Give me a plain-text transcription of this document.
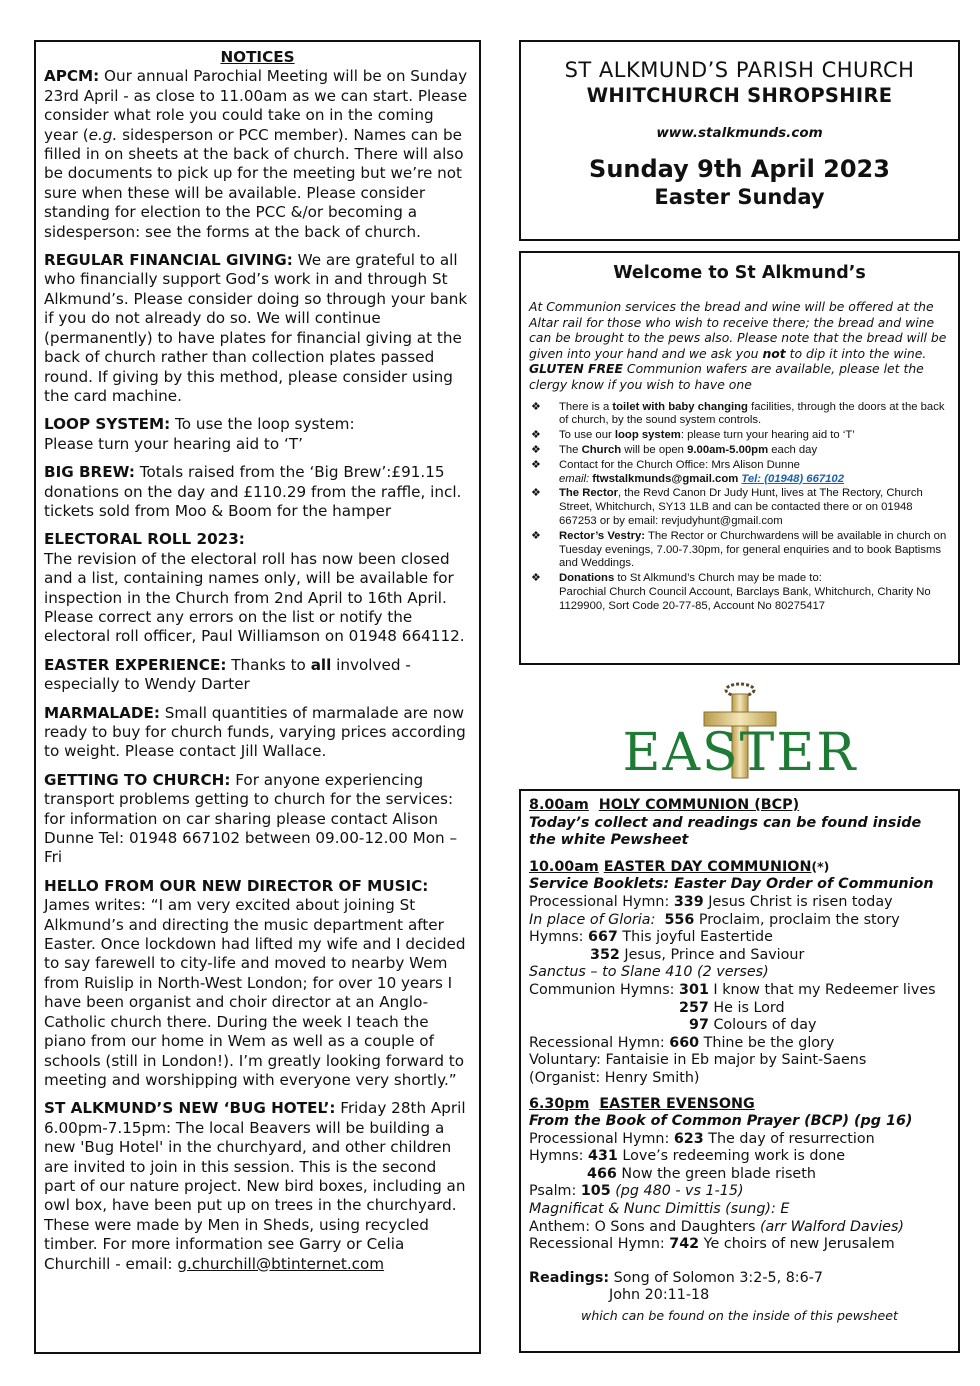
NOTICES

APCM: Our annual Parochial Meeting will be on Sunday 23rd April - as close to 11.00am as we can start. Please consider what role you could take on in the coming year (e.g. sidesperson or PCC member). Names can be filled in on sheets at the back of church. There will also be documents to pick up for the meeting but we’re not sure when these will be available. Please consider standing for election to the PCC &/or becoming a sidesperson: see the forms at the back of church.

REGULAR FINANCIAL GIVING: We are grateful to all who financially support God’s work in and through St Alkmund’s. Please consider doing so through your bank if you do not already do so. We will continue (permanently) to have plates for financial giving at the back of church rather than collection plates passed round. If giving by this method, please consider using the card machine.

LOOP SYSTEM: To use the loop system:
Please turn your hearing aid to ‘T’

BIG BREW: Totals raised from the ‘Big Brew’:£91.15 donations on the day and £110.29 from the raffle, incl. tickets sold from Moo & Boom for the hamper

ELECTORAL ROLL 2023:
The revision of the electoral roll has now been closed and a list, containing names only, will be available for inspection in the Church from 2nd April to 16th April. Please correct any errors on the list or notify the electoral roll officer, Paul Williamson on 01948 664112.

EASTER EXPERIENCE: Thanks to all involved - especially to Wendy Darter

MARMALADE: Small quantities of marmalade are now ready to buy for church funds, varying prices according to weight. Please contact Jill Wallace.

GETTING TO CHURCH: For anyone experiencing transport problems getting to church for the services: for information on car sharing please contact Alison Dunne Tel: 01948 667102 between 09.00-12.00 Mon –Fri

HELLO FROM OUR NEW DIRECTOR OF MUSIC:
James writes: “I am very excited about joining St Alkmund’s and directing the music department after Easter. Once lockdown had lifted my wife and I decided to say farewell to city-life and moved to nearby Wem from Ruislip in North-West London; for over 10 years I have been organist and choir director at an Anglo-Catholic church there. During the week I teach the piano from our home in Wem as well as a couple of schools (still in London!). I’m greatly looking forward to meeting and worshipping with everyone very shortly.”

ST ALKMUND’S NEW ‘BUG HOTEL’: Friday 28th April 6.00pm-7.15pm: The local Beavers will be building a new 'Bug Hotel' in the churchyard, and other children are invited to join in this session. This is the second part of our nature project. New bird boxes, including an owl box, have been put up on trees in the churchyard. These were made by Men in Sheds, using recycled timber. For more information see Garry or Celia Churchill - email: g.churchill@btinternet.com

ST ALKMUND’S PARISH CHURCH
WHITCHURCH SHROPSHIRE
www.stalkmunds.com
Sunday 9th April 2023
Easter Sunday
Welcome to St Alkmund’s

At Communion services the bread and wine will be offered at the Altar rail for those who wish to receive there; the bread and wine can be brought to the pews also. Please note that the bread will be given into your hand and we ask you not to dip it into the wine. GLUTEN FREE Communion wafers are available, please let the clergy know if you wish to have one

❖ There is a toilet with baby changing facilities, through the doors at the back of church, by the sound system controls.
❖ To use our loop system: please turn your hearing aid to ‘T’
❖ The Church will be open 9.00am-5.00pm each day
❖ Contact for the Church Office: Mrs Alison Dunne
email: ftwstalkmunds@gmail.com Tel: (01948) 667102
❖ The Rector, the Revd Canon Dr Judy Hunt, lives at The Rectory, Church Street, Whitchurch, SY13 1LB and can be contacted there or on 01948 667253 or by email: revjudyhunt@gmail.com
❖ Rector’s Vestry: The Rector or Churchwardens will be available in church on Tuesday evenings, 7.00-7.30pm, for general enquiries and to book Baptisms and Weddings.
❖ Donations to St Alkmund’s Church may be made to:
Parochial Church Council Account, Barclays Bank, Whitchurch, Charity No 1129900, Sort Code 20-77-85, Account No 80275417
EASTER
8.00am HOLY COMMUNION (BCP)
Today’s collect and readings can be found inside the white Pewsheet
10.00am EASTER DAY COMMUNION(*)
Service Booklets: Easter Day Order of Communion
Processional Hymn: 339 Jesus Christ is risen today
In place of Gloria: 556 Proclaim, proclaim the story
Hymns: 667 This joyful Eastertide
352 Jesus, Prince and Saviour
Sanctus – to Slane 410 (2 verses)
Communion Hymns: 301 I know that my Redeemer lives
257 He is Lord
97 Colours of day
Recessional Hymn: 660 Thine be the glory
Voluntary: Fantaisie in Eb major by Saint-Saens
(Organist: Henry Smith)
6.30pm EASTER EVENSONG
From the Book of Common Prayer (BCP) (pg 16)
Processional Hymn: 623 The day of resurrection
Hymns: 431 Love’s redeeming work is done
466 Now the green blade riseth
Psalm: 105 (pg 480 - vs 1-15)
Magnificat & Nunc Dimittis (sung): E
Anthem: O Sons and Daughters (arr Walford Davies)
Recessional Hymn: 742 Ye choirs of new Jerusalem
Readings: Song of Solomon 3:2-5, 8:6-7
John 20:11-18
which can be found on the inside of this pewsheet
